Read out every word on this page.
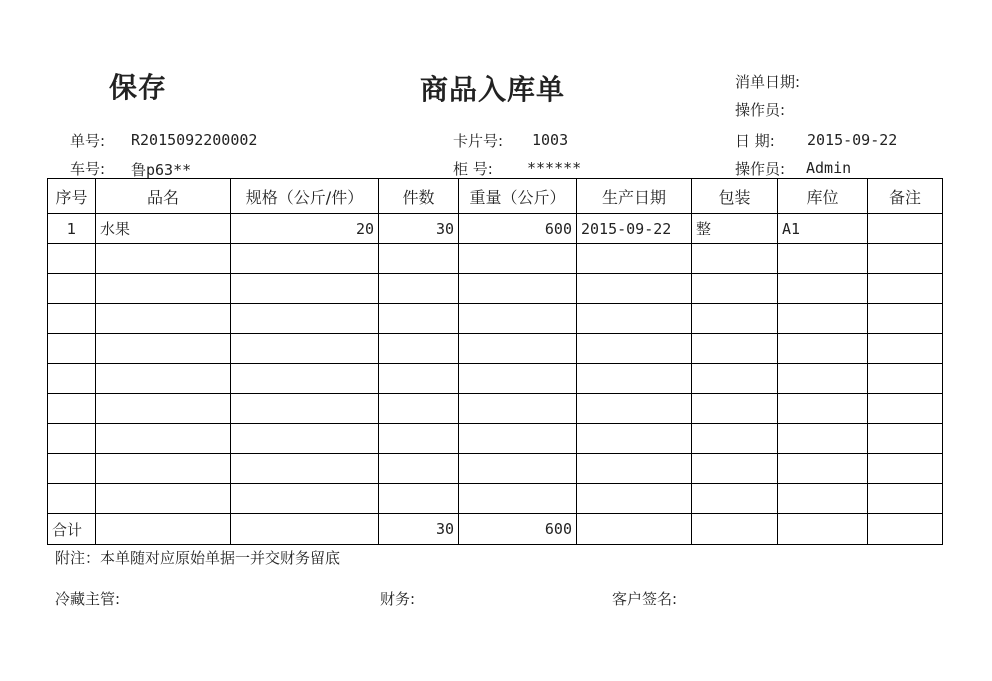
保存	商品入库单	消单日期:
操作员:
单号: R2015092200002	卡片号: 1003	日 期: 2015-09-22
车号: 鲁p63**	柜 号: ******	操作员: Admin
序号	品名	规格（公斤/件）	件数	重量（公斤）	生产日期	包装	库位	备注
1	水果	20	30	600	2015-09-22	整	A1	

合计			30	600				
附注：本单随对应原始单据一并交财务留底
冷藏主管:	财务:	客户签名:
